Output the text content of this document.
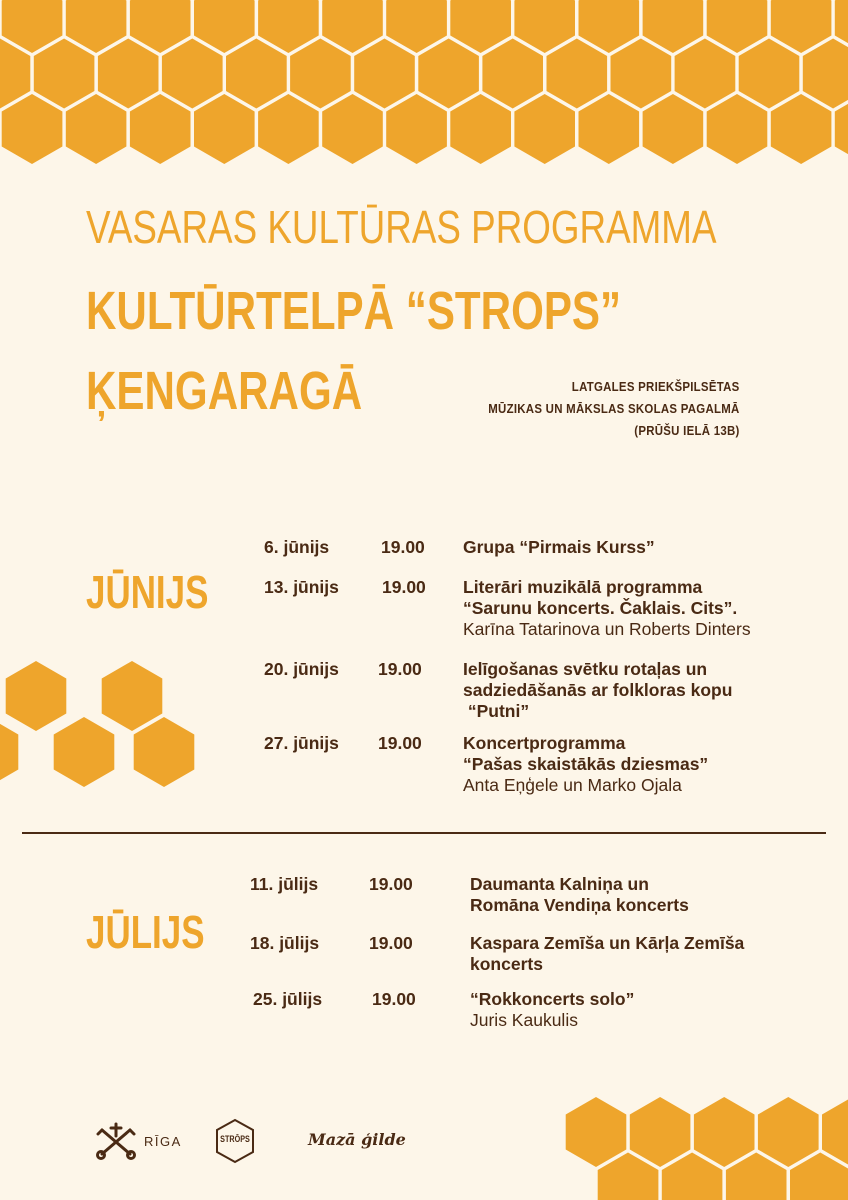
VASARAS KULTŪRAS PROGRAMMA
KULTŪRTELPĀ “STROPS”
ĶENGARAGĀ	LATGALES PRIEKŠPILSĒTAS
MŪZIKAS UN MĀKSLAS SKOLAS PAGALMĀ
(PRŪŠU IELĀ 13B)
JŪNIJS
6. jūnijs	19.00 Grupa “Pirmais Kurss”
13. jūnijs 19.00 Literāri muzikālā programma
“Sarunu koncerts. Čaklais. Cits”.
Karīna Tatarinova un Roberts Dinters
20. jūnijs 19.00 Ielīgošanas svētku rotaļas un
sadziedāšanās ar folkloras kopu
“Putni”
27. jūnijs 19.00 Koncertprogramma
“Pašas skaistākās dziesmas”
Anta Eņģele un Marko Ojala
JŪLIJS
11. jūlijs	19.00	Daumanta Kalniņa un
Romāna Vendiņa koncerts
18. jūlijs	19.00	Kaspara Zemīša un Kārļa Zemīša
koncerts
25. jūlijs	19.00	“Rokkoncerts solo”
Juris Kaukulis
RĪGA	STRŌPS	Mazā ģilde
